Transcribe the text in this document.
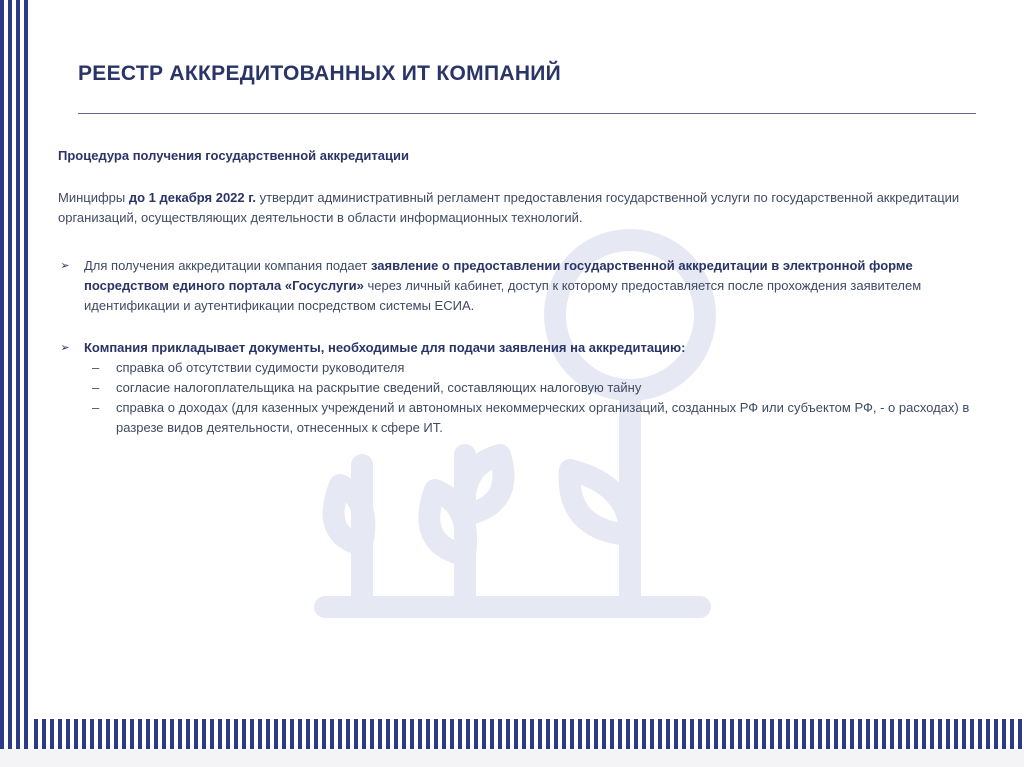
РЕЕСТР АККРЕДИТОВАННЫХ ИТ КОМПАНИЙ

Процедура получения государственной аккредитации

Минцифры до 1 декабря 2022 г. утвердит административный регламент предоставления государственной услуги по государственной аккредитации организаций, осуществляющих деятельности в области информационных технологий.

➢ Для получения аккредитации компания подает заявление о предоставлении государственной аккредитации в электронной форме посредством единого портала «Госуслуги» через личный кабинет, доступ к которому предоставляется после прохождения заявителем идентификации и аутентификации посредством системы ЕСИА.
➢ Компания прикладывает документы, необходимые для подачи заявления на аккредитацию:
– справка об отсутствии судимости руководителя
– согласие налогоплательщика на раскрытие сведений, составляющих налоговую тайну
– справка о доходах (для казенных учреждений и автономных некоммерческих организаций, созданных РФ или субъектом РФ, - о расходах) в разрезе видов деятельности, отнесенных к сфере ИТ.
